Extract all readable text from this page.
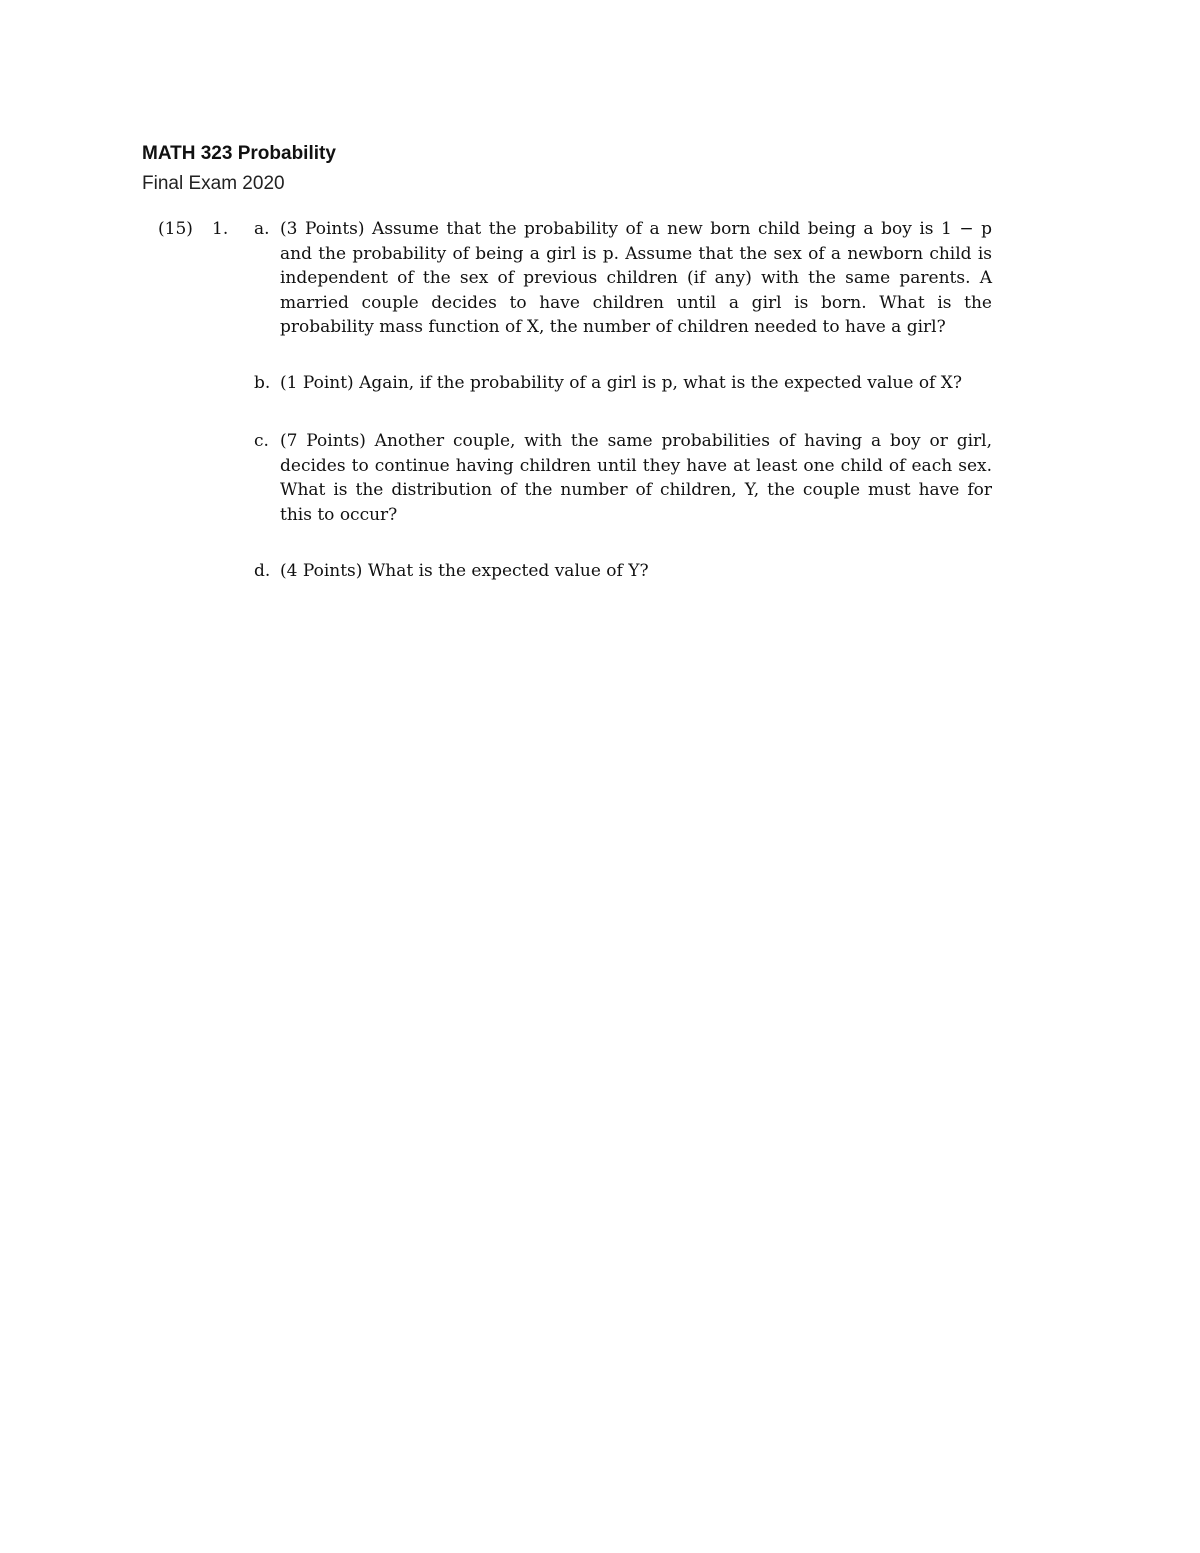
MATH 323 Probability
Final Exam 2020
(15) 1. a. (3 Points) Assume that the probability of a new born child being a boy is 1 − p and the probability of being a girl is p. Assume that the sex of a newborn child is independent of the sex of previous children (if any) with the same parents. A married couple decides to have children until a girl is born. What is the probability mass function of X, the number of children needed to have a girl?

b. (1 Point) Again, if the probability of a girl is p, what is the expected value of X?

c. (7 Points) Another couple, with the same probabilities of having a boy or girl, decides to continue having children until they have at least one child of each sex. What is the distribution of the number of children, Y, the couple must have for this to occur?

d. (4 Points) What is the expected value of Y?
